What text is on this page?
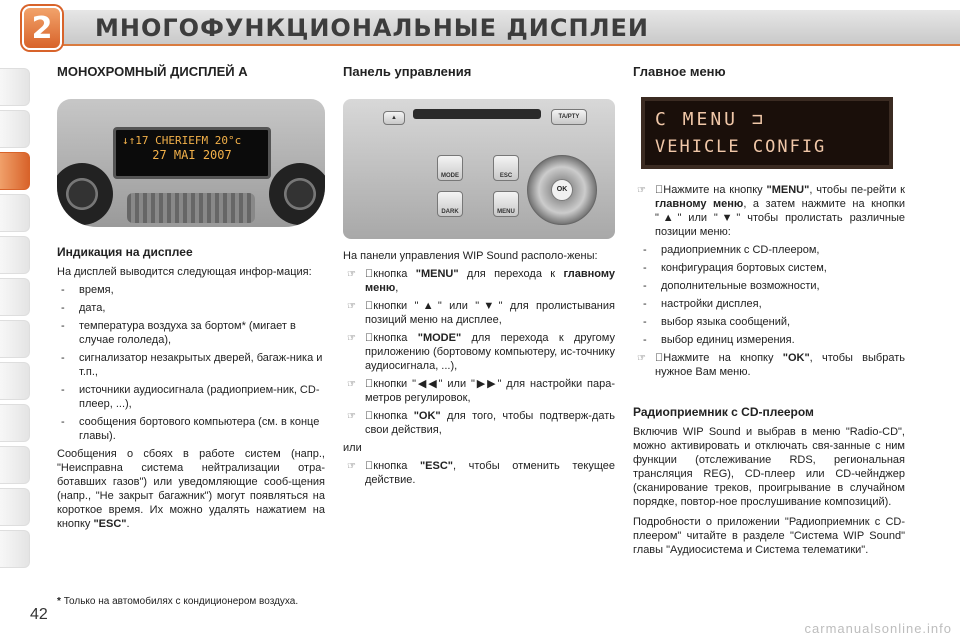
2	МНОГОФУНКЦИОНАЛЬНЫЕ ДИСПЛЕИ
МОНОХРОМНЫЙ ДИСПЛЕЙ А
↓↑17 CHERIEFM 20°c
27 MAI 2007
Индикация на дисплее

На дисплей выводится следующая инфор-мация:

- время,
- дата,
- температура воздуха за бортом* (мигает в случае гололеда),
- сигнализатор незакрытых дверей, багаж-ника и т.п.,
- источники аудиосигнала (радиоприем-ник, CD-плеер, ...),
- сообщения бортового компьютера (см. в конце главы).

Сообщения о сбоях в работе систем (напр., "Неисправна система нейтрализации отра-ботавших газов") или уведомляющие сооб-щения (напр., "Не закрыт багажник") могут появляться на короткое время. Их можно удалять нажатием на кнопку "ESC".

Панель управления
▲	TA/PTY
MODE
DARK
ESC
MENU
OK

На панели управления WIP Sound располо-жены:

☞ кнопка "MENU" для перехода к главному меню,
☞ кнопки "▲" или "▼" для пролистывания позиций меню на дисплее,
☞ кнопка "MODE" для перехода к другому приложению (бортовому компьютеру, ис-точнику аудиосигнала, ...),
☞ кнопки "◀◀" или "▶▶" для настройки пара-метров регулировок,
☞ кнопка "OK" для того, чтобы подтверж-дать свои действия,

или

☞ кнопка "ESC", чтобы отменить текущее действие.
Главное меню
C MENU ⊐
VEHICLE CONFIG
☞ Нажмите на кнопку "MENU", чтобы пе-рейти к главному меню, а затем нажмите на кнопки "▲" или "▼" чтобы пролистать различные позиции меню:
- радиоприемник с CD-плеером,
- конфигурация бортовых систем,
- дополнительные возможности,
- настройки дисплея,
- выбор языка сообщений,
- выбор единиц измерения.
☞ Нажмите на кнопку "OK", чтобы выбрать нужное Вам меню.
Радиоприемник с CD-плеером

Включив WIP Sound и выбрав в меню "Radio-CD", можно активировать и отключать свя-занные с ним функции (отслеживание RDS, региональная трансляция REG), CD-плеер или CD-чейнджер (сканирование треков, проигрывание в случайном порядке, повтор-ное прослушивание композиций).

Подробности о приложении "Радиоприемник с CD-плеером" читайте в разделе "Система WIP Sound" главы "Аудиосистема и Система телематики".

* Только на автомобилях с кондиционером воздуха.
42
carmanualsonline.info
